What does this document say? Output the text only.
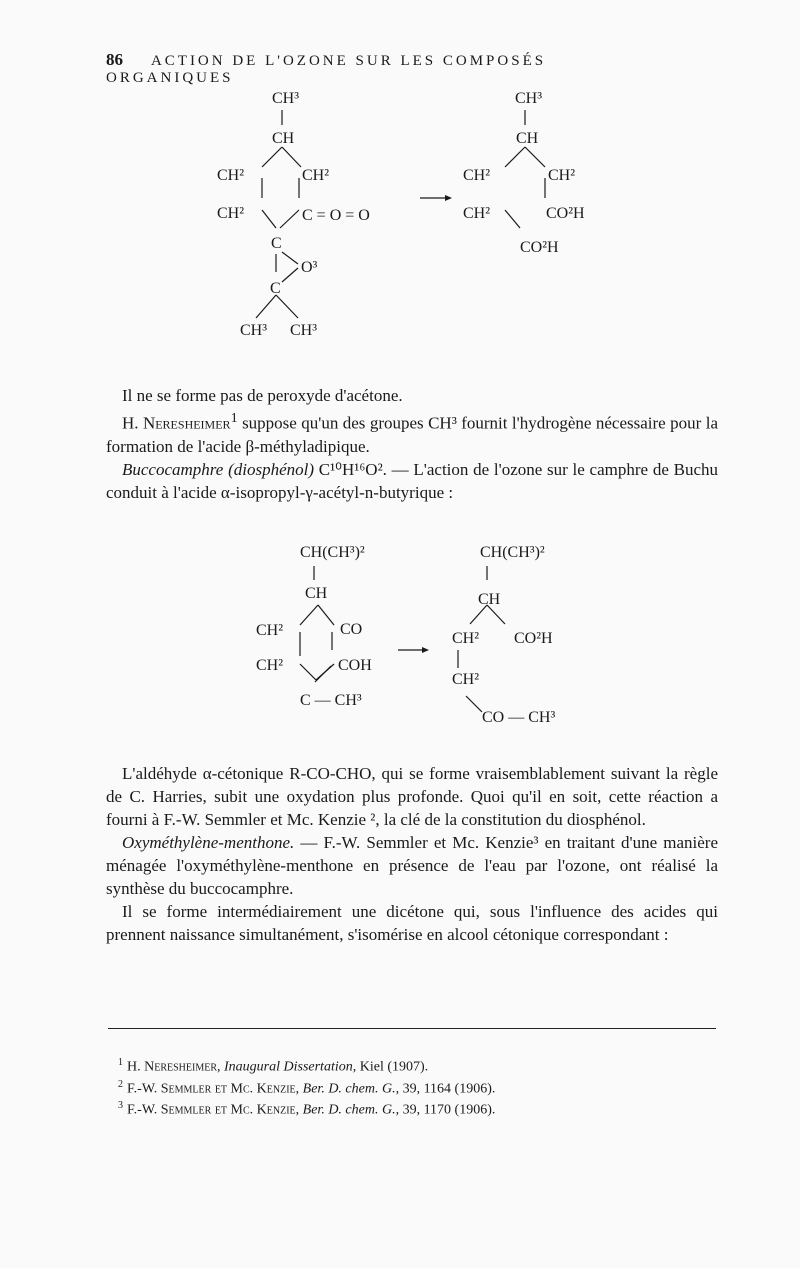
86 ACTION DE L'OZONE SUR LES COMPOSÉS ORGANIQUES
CH³
CH
CH²	CH²
CH²	C = O = O
C
O³
C
CH³ CH³
CH³
CH
CH²	CH²
CH²	CO²H
CO²H

Il ne se forme pas de peroxyde d'acétone.

H. Neresheimer$^1$ suppose qu'un des groupes CH³ fournit l'hydrogène nécessaire pour la formation de l'acide β-méthyladipique.

Buccocamphre (diosphénol) C¹⁰H¹⁶O². — L'action de l'ozone sur le camphre de Buchu conduit à l'acide α-isopropyl-γ-acétyl-n-butyrique :

CH(CH³)²
CH
CH²	CO
CH²	COH
C — CH³
CH(CH³)²
CH
CH² CO²H
CH²
CO — CH³

L'aldéhyde α-cétonique R-CO-CHO, qui se forme vraisemblablement suivant la règle de C. Harries, subit une oxydation plus profonde. Quoi qu'il en soit, cette réaction a fourni à F.-W. Semmler et Mc. Kenzie ², la clé de la constitution du diosphénol.

Oxyméthylène-menthone. — F.-W. Semmler et Mc. Kenzie³ en traitant d'une manière ménagée l'oxyméthylène-menthone en présence de l'eau par l'ozone, ont réalisé la synthèse du buccocamphre.

Il se forme intermédiairement une dicétone qui, sous l'influence des acides qui prennent naissance simultanément, s'isomérise en alcool cétonique correspondant :

$^1$ H. Neresheimer, Inaugural Dissertation, Kiel (1907).
$^2$ F.-W. Semmler et Mc. Kenzie, Ber. D. chem. G., 39, 1164 (1906).
$^3$ F.-W. Semmler et Mc. Kenzie, Ber. D. chem. G., 39, 1170 (1906).
